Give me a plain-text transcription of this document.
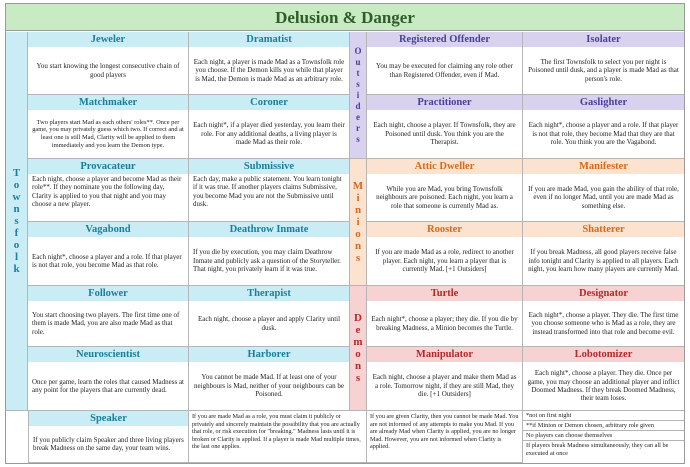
Delusion & Danger
T
o
w
n
s
f
o
l
k
O
u
t
s
i
d
e
r
s
M
i
n
i
o
n
s
D
e
m
o
n
s
Jeweler
You start knowing the longest consecutive chain of good players
Dramatist
Each night, a player is made Mad as a Townsfolk role you choose. If the Demon kills you while that player is Mad, the Demon is made Mad as an arbitrary role.
Matchmaker
Two players start Mad as each others' roles**. Once per game, you may privately guess which two. If correct and at least one is still Mad, Clarity will be applied to them immediately and you learn the Demon type.
Coroner
Each night*, if a player died yesterday, you learn their role. For any additional deaths, a living player is made Mad as their role.
Provacateur
Each night, choose a player and become Mad as their role**. If they nominate you the following day, Clarity is applied to you that night and you may choose a new player.
Submissive
Each day, make a public statement. You learn tonight if it was true. If another players claims Submissive, you become Mad you are not the Submissive until dusk.
Vagabond
Each night*, choose a player and a role. If that player is not that role, you become Mad as that role.
Deathrow Inmate
If you die by execution, you may claim Deathrow Inmate and publicly ask a question of the Storyteller. That night, you privately learn if it was true.
Follower
You start choosing two players. The first time one of them is made Mad, you are also made Mad as that role.
Therapist
Each night, choose a player and apply Clarity until dusk.
Neuroscientist
Once per game, learn the roles that caused Madness at any point for the players that are currently dead.
Harborer
You cannot be made Mad. If at least one of your neighbours is Mad, neither of your neighbours can be Poisoned.
Speaker
If you publicly claim Speaker and three living players break Madness on the same day, your team wins.
Registered Offender
You may be executed for claiming any role other than Registered Offender, even if Mad.
Isolater
The first Townsfolk to select you per night is Poisoned until dusk, and a player is made Mad as that person's role.
Practitioner
Each night, choose a player. If Townsfolk, they are Poisoned until dusk. You think you are the Therapist.
Gaslighter
Each night*, choose a player and a role. If that player is not that role, they become Mad that they are that role. You think you are the Vagabond.
Attic Dweller
While you are Mad, you bring Townsfolk neighbours are poisoned. Each night, you learn a role that someone is currently Mad as.
Manifester
If you are made Mad, you gain the ability of that role, even if no longer Mad, until you are made Mad as something else.
Rooster
If you are made Mad as a role, redirect to another player. Each night, you learn a player that is currently Mad. [+1 Outsiders]
Shatterer
If you break Madness, all good players receive false info tonight and Clarity is applied to all players. Each night, you learn how many players are currently Mad.
Turtle
Each night*, choose a player; they die. If you die by breaking Madness, a Minion becomes the Turtle.
Designator
Each night*, choose a player. They die. The first time you choose someone who is Mad as a role, they are instead transformed into that role and become evil.
Manipulator
Each night, choose a player and make them Mad as a role. Tomorrow night, if they are still Mad, they die. [+1 Outsiders]
Lobotomizer
Each night*, choose a player. They die. Once per game, you may choose an additional player and inflict Doomed Madness. If they break Doomed Madness, their team loses.
If you are made Mad as a role, you must claim it publicly or privately and sincerely maintain the possibility that you are actually that role, or risk execution for "breaking." Madness lasts until it is broken or Clarity is applied. If a player is made Mad multiple times, the last one applies.
If you are given Clarity, then you cannot be made Mad. You are not informed of any attempts to make you Mad. If you are already Mad when Clarity is applied, you are no longer Mad. However, you are not informed when Clarity is applied.
*not on first night
**if Minion or Demon chosen, arbitrary role given
No players can choose themselves
If players break Madness simultaneously, they can all be executed at once
